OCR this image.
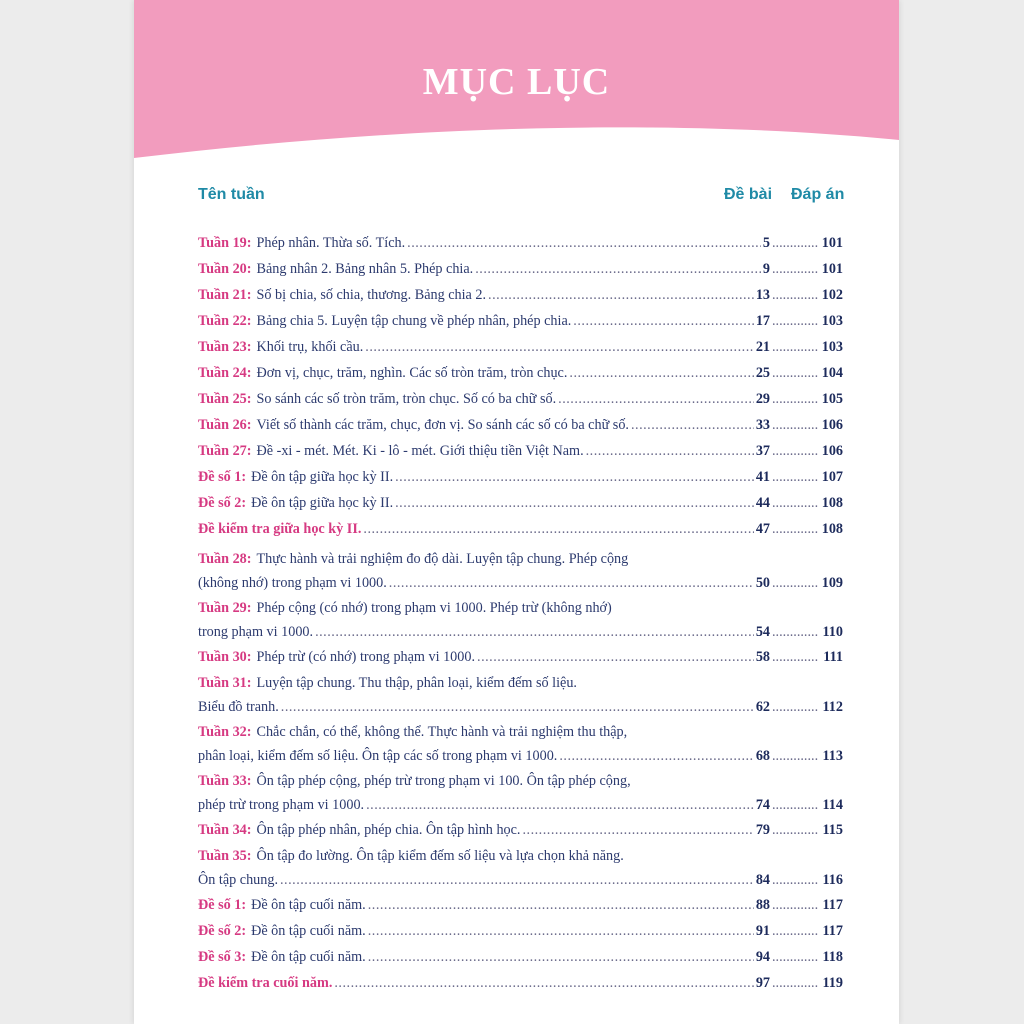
MỤC LỤC
Tên tuần	Đề bài Đáp án
Tuần 19: Phép nhân. Thừa số. Tích. .....	5 .....	101
Tuần 20: Bảng nhân 2. Bảng nhân 5. Phép chia. .....	9 .....	101
Tuần 21: Số bị chia, số chia, thương. Bảng chia 2. .....	13 .....	102
Tuần 22: Bảng chia 5. Luyện tập chung về phép nhân, phép chia. .....	17 .....	103
Tuần 23: Khối trụ, khối cầu. .....	21 .....	103
Tuần 24: Đơn vị, chục, trăm, nghìn. Các số tròn trăm, tròn chục. .....	25 .....	104
Tuần 25: So sánh các số tròn trăm, tròn chục. Số có ba chữ số. .....	29 .....	105
Tuần 26: Viết số thành các trăm, chục, đơn vị. So sánh các số có ba chữ số. .....	33 .....	106
Tuần 27: Đề -xi - mét. Mét. Ki - lô - mét. Giới thiệu tiền Việt Nam. .....	37 .....	106
Đề số 1: Đề ôn tập giữa học kỳ II. .....	41 .....	107
Đề số 2: Đề ôn tập giữa học kỳ II. .....	44 .....	108
Đề kiểm tra giữa học kỳ II. .....	47 .....	108
Tuần 28: Thực hành và trải nghiệm đo độ dài. Luyện tập chung. Phép cộng
(không nhớ) trong phạm vi 1000. .....	50 .....	109
Tuần 29: Phép cộng (có nhớ) trong phạm vi 1000. Phép trừ (không nhớ)
trong phạm vi 1000. .....	54 .....	110
Tuần 30: Phép trừ (có nhớ) trong phạm vi 1000. .....	58 .....	111
Tuần 31: Luyện tập chung. Thu thập, phân loại, kiểm đếm số liệu.
Biểu đồ tranh. .....	62 .....	112
Tuần 32: Chắc chắn, có thể, không thể. Thực hành và trải nghiệm thu thập,
phân loại, kiểm đếm số liệu. Ôn tập các số trong phạm vi 1000. .....	68 .....	113
Tuần 33: Ôn tập phép cộng, phép trừ trong phạm vi 100. Ôn tập phép cộng,
phép trừ trong phạm vi 1000. .....	74 .....	114
Tuần 34: Ôn tập phép nhân, phép chia. Ôn tập hình học. .....	79 .....	115
Tuần 35: Ôn tập đo lường. Ôn tập kiểm đếm số liệu và lựa chọn khả năng.
Ôn tập chung. .....	84 .....	116
Đề số 1: Đề ôn tập cuối năm. .....	88 .....	117
Đề số 2: Đề ôn tập cuối năm. .....	91 .....	117
Đề số 3: Đề ôn tập cuối năm. .....	94 .....	118
Đề kiểm tra cuối năm. .....	97 .....	119
